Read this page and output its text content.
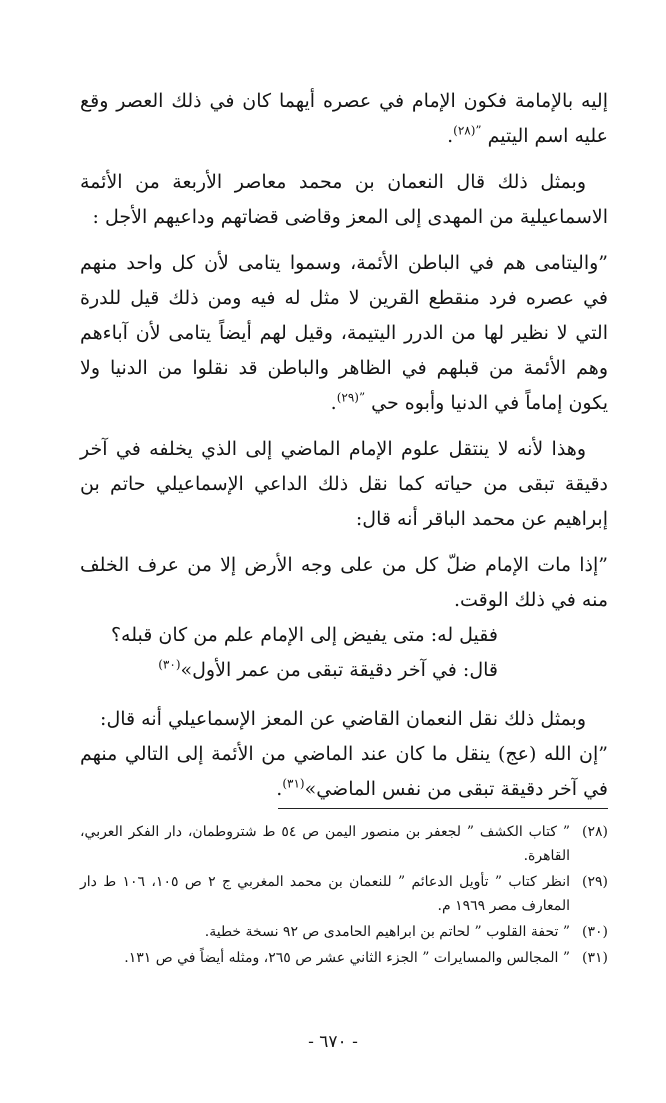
إليه بالإمامة فكون الإمام في عصره أيهما كان في ذلك العصر وقع عليه اسم اليتيم $^{”(٢٨)}$.

وبمثل ذلك قال النعمان بن محمد معاصر الأربعة من الأئمة الاسماعيلية من المهدى إلى المعز وقاضى قضاتهم وداعيهم الأجل :

”واليتامى هم في الباطن الأئمة، وسموا يتامى لأن كل واحد منهم في عصره فرد منقطع القرين لا مثل له فيه ومن ذلك قيل للدرة التي لا نظير لها من الدرر اليتيمة، وقيل لهم أيضاً يتامى لأن آباءهم وهم الأئمة من قبلهم في الظاهر والباطن قد نقلوا من الدنيا ولا يكون إماماً في الدنيا وأبوه حي $^{”(٢٩)}$.

وهذا لأنه لا ينتقل علوم الإمام الماضي إلى الذي يخلفه في آخر دقيقة تبقى من حياته كما نقل ذلك الداعي الإسماعيلي حاتم بن إبراهيم عن محمد الباقر أنه قال:

”إذا مات الإمام ضلّ كل من على وجه الأرض إلا من عرف الخلف منه في ذلك الوقت.

فقيل له: متى يفيض إلى الإمام علم من كان قبله؟

قال: في آخر دقيقة تبقى من عمر الأول»$^{(٣٠)}$

وبمثل ذلك نقل النعمان القاضي عن المعز الإسماعيلي أنه قال:

”إن الله (عج) ينقل ما كان عند الماضي من الأئمة إلى التالي منهم في آخر دقيقة تبقى من نفس الماضي»$^{(٣١)}$.

(٢٨)
” كتاب الكشف ” لجعفر بن منصور اليمن ص ٥٤ ط شتروطمان، دار الفكر العربي، القاهرة.
(٢٩)
انظر كتاب ” تأويل الدعائم ” للنعمان بن محمد المغربي ج ٢ ص ١٠٥، ١٠٦ ط دار المعارف مصر ١٩٦٩ م.
(٣٠)
” تحفة القلوب ” لحاتم بن ابراهيم الحامدى ص ٩٢ نسخة خطية.
(٣١)
” المجالس والمسايرات ” الجزء الثاني عشر ص ٢٦٥، ومثله أيضاً في ص ١٣١.
- ٦٧٠ -
